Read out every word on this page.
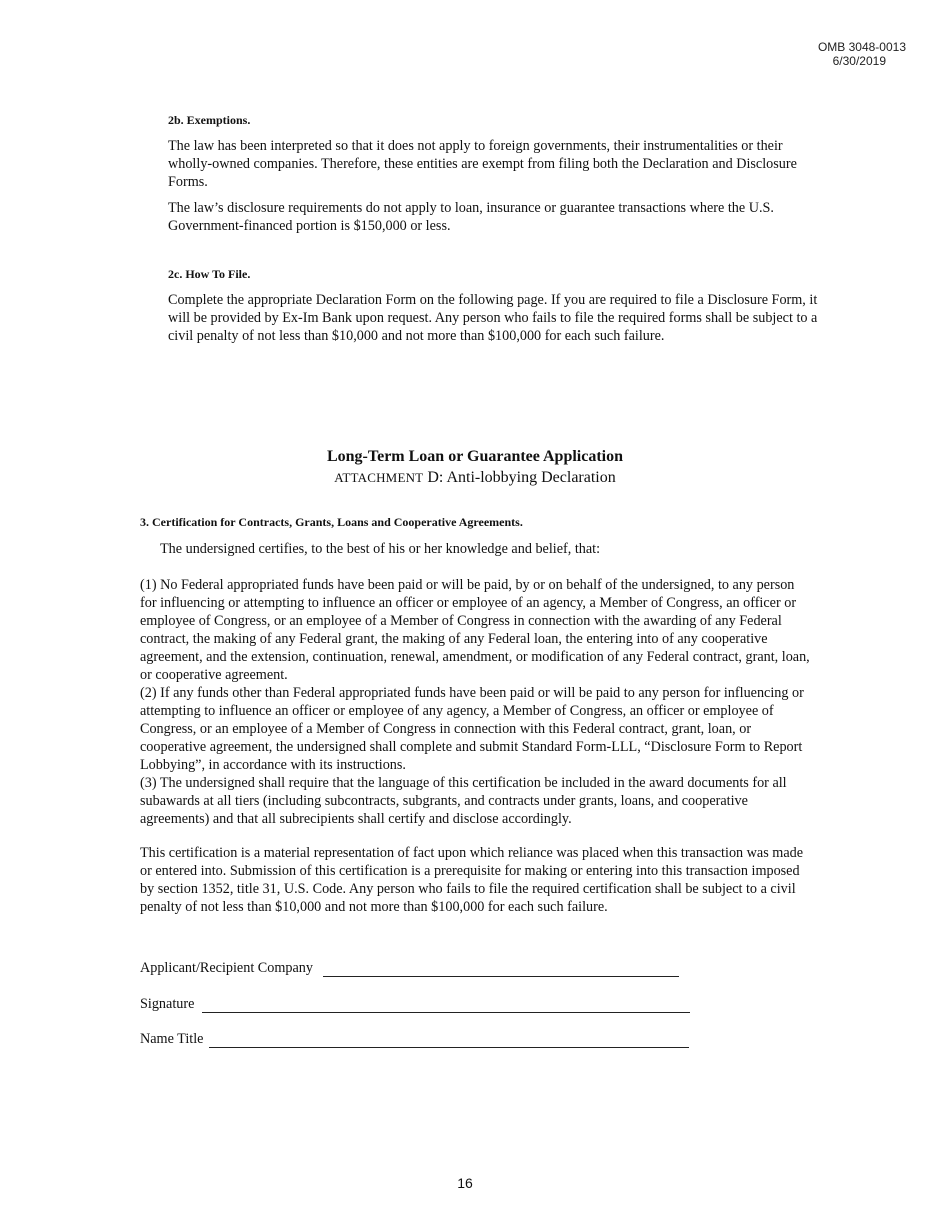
OMB 3048-0013
6/30/2019
2b. Exemptions.
The law has been interpreted so that it does not apply to foreign governments, their instrumentalities or their wholly-owned companies. Therefore, these entities are exempt from filing both the Declaration and Disclosure Forms.
The law’s disclosure requirements do not apply to loan, insurance or guarantee transactions where the U.S. Government-financed portion is $150,000 or less.
2c. How To File.
Complete the appropriate Declaration Form on the following page. If you are required to file a Disclosure Form, it will be provided by Ex-Im Bank upon request. Any person who fails to file the required forms shall be subject to a civil penalty of not less than $10,000 and not more than $100,000 for each such failure.
Long-Term Loan or Guarantee Application
ATTACHMENT D: Anti-lobbying Declaration
3. Certification for Contracts, Grants, Loans and Cooperative Agreements.
The undersigned certifies, to the best of his or her knowledge and belief, that:
(1) No Federal appropriated funds have been paid or will be paid, by or on behalf of the undersigned, to any person for influencing or attempting to influence an officer or employee of an agency, a Member of Congress, an officer or employee of Congress, or an employee of a Member of Congress in connection with the awarding of any Federal contract, the making of any Federal grant, the making of any Federal loan, the entering into of any cooperative agreement, and the extension, continuation, renewal, amendment, or modification of any Federal contract, grant, loan, or cooperative agreement.
(2) If any funds other than Federal appropriated funds have been paid or will be paid to any person for influencing or attempting to influence an officer or employee of any agency, a Member of Congress, an officer or employee of Congress, or an employee of a Member of Congress in connection with this Federal contract, grant, loan, or cooperative agreement, the undersigned shall complete and submit Standard Form-LLL, “Disclosure Form to Report Lobbying”, in accordance with its instructions.
(3) The undersigned shall require that the language of this certification be included in the award documents for all subawards at all tiers (including subcontracts, subgrants, and contracts under grants, loans, and cooperative agreements) and that all subrecipients shall certify and disclose accordingly.
This certification is a material representation of fact upon which reliance was placed when this transaction was made or entered into. Submission of this certification is a prerequisite for making or entering into this transaction imposed by section 1352, title 31, U.S. Code. Any person who fails to file the required certification shall be subject to a civil penalty of not less than $10,000 and not more than $100,000 for each such failure.
Applicant/Recipient Company
Signature
Name Title
16
